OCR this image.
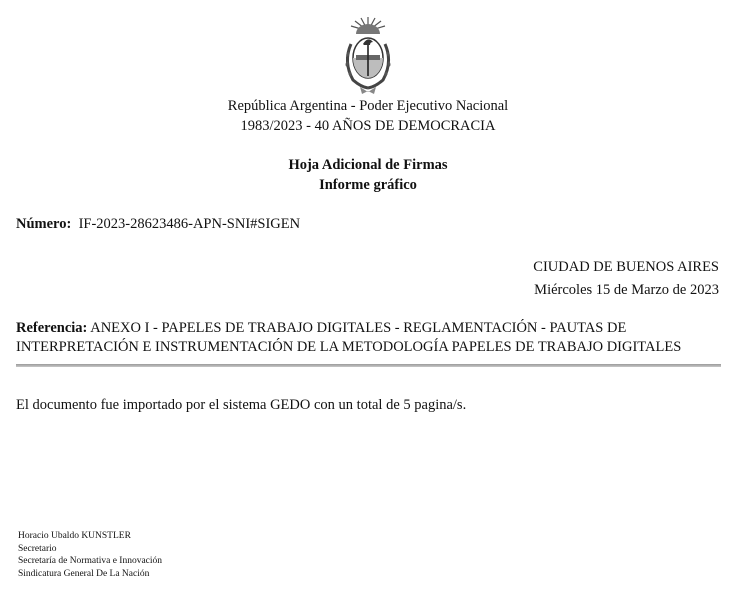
República Argentina - Poder Ejecutivo Nacional
1983/2023 - 40 AÑOS DE DEMOCRACIA
Hoja Adicional de Firmas
Informe gráfico
Número: IF-2023-28623486-APN-SNI#SIGEN
CIUDAD DE BUENOS AIRES
Miércoles 15 de Marzo de 2023
Referencia: ANEXO I - PAPELES DE TRABAJO DIGITALES - REGLAMENTACIÓN - PAUTAS DE INTERPRETACIÓN E INSTRUMENTACIÓN DE LA METODOLOGÍA PAPELES DE TRABAJO DIGITALES
El documento fue importado por el sistema GEDO con un total de 5 pagina/s.
Horacio Ubaldo KUNSTLER
Secretario
Secretaría de Normativa e Innovación
Sindicatura General De La Nación
